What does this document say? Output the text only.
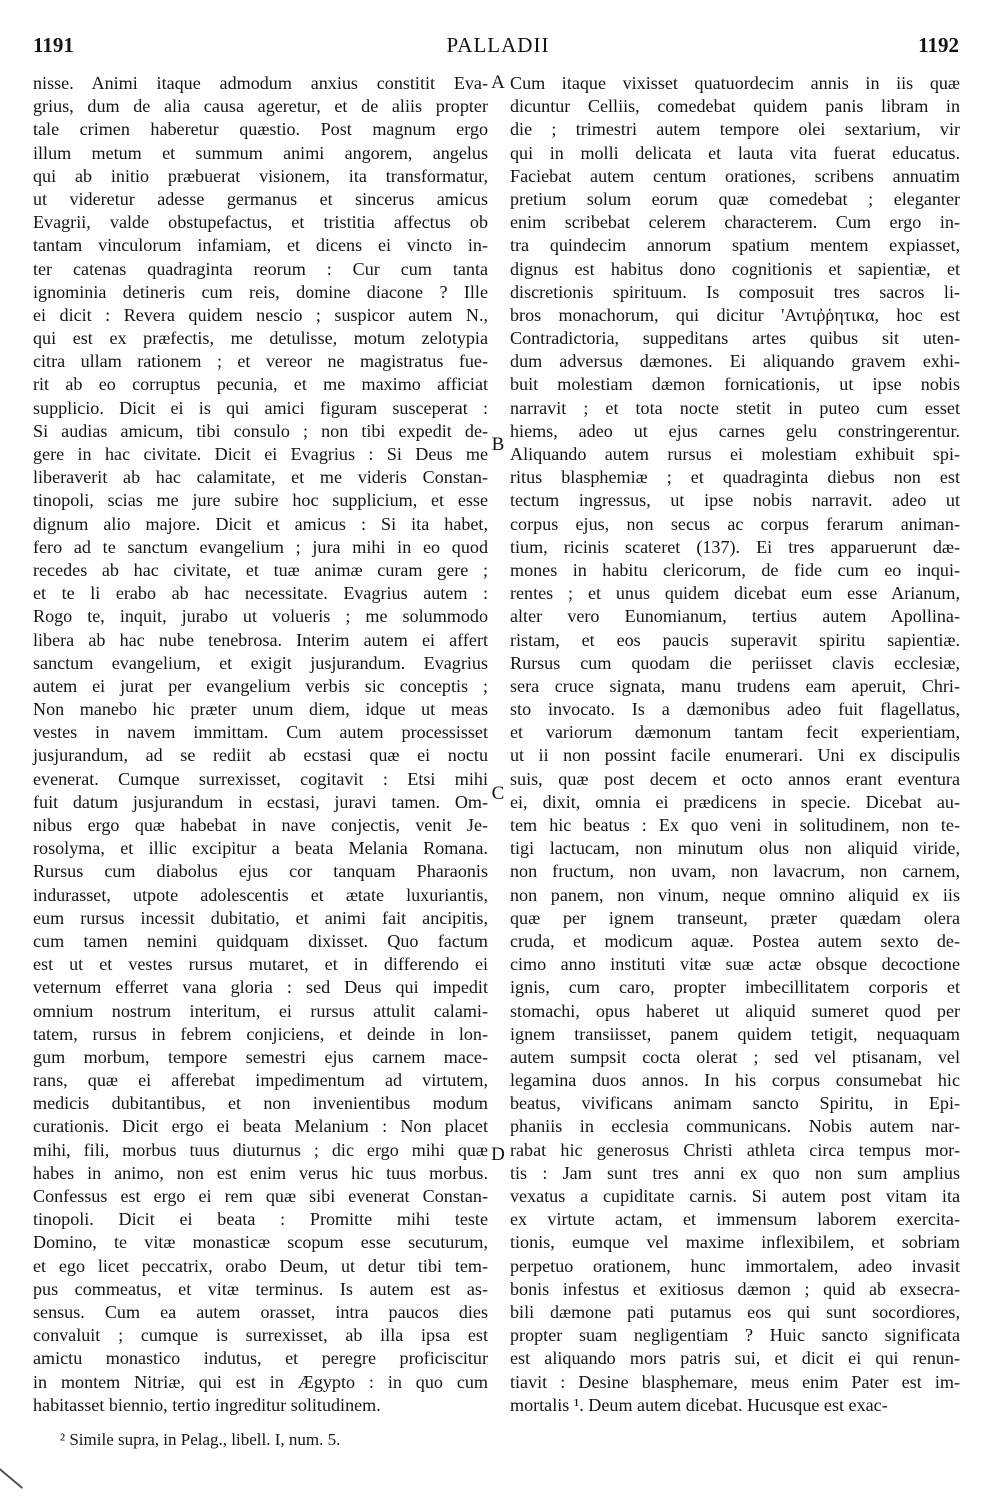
1191	PALLADII	1192
A
B
C
D
nisse. Animi itaque admodum anxius constitit Eva-
grius, dum de alia causa ageretur, et de aliis propter
tale crimen haberetur quæstio. Post magnum ergo
illum metum et summum animi angorem, angelus
qui ab initio præbuerat visionem, ita transformatur,
ut videretur adesse germanus et sincerus amicus
Evagrii, valde obstupefactus, et tristitia affectus ob
tantam vinculorum infamiam, et dicens ei vincto in-
ter catenas quadraginta reorum : Cur cum tanta
ignominia detineris cum reis, domine diacone ? Ille
ei dicit : Revera quidem nescio ; suspicor autem N.,
qui est ex præfectis, me detulisse, motum zelotypia
citra ullam rationem ; et vereor ne magistratus fue-
rit ab eo corruptus pecunia, et me maximo afficiat
supplicio. Dicit ei is qui amici figuram susceperat :
Si audias amicum, tibi consulo ; non tibi expedit de-
gere in hac civitate. Dicit ei Evagrius : Si Deus me
liberaverit ab hac calamitate, et me videris Constan-
tinopoli, scias me jure subire hoc supplicium, et esse
dignum alio majore. Dicit et amicus : Si ita habet,
fero ad te sanctum evangelium ; jura mihi in eo quod
recedes ab hac civitate, et tuæ animæ curam gere ;
et te li erabo ab hac necessitate. Evagrius autem :
Rogo te, inquit, jurabo ut volueris ; me solummodo
libera ab hac nube tenebrosa. Interim autem ei affert
sanctum evangelium, et exigit jusjurandum. Evagrius
autem ei jurat per evangelium verbis sic conceptis ;
Non manebo hic præter unum diem, idque ut meas
vestes in navem immittam. Cum autem processisset
jusjurandum, ad se rediit ab ecstasi quæ ei noctu
evenerat. Cumque surrexisset, cogitavit : Etsi mihi
fuit datum jusjurandum in ecstasi, juravi tamen. Om-
nibus ergo quæ habebat in nave conjectis, venit Je-
rosolyma, et illic excipitur a beata Melania Romana.
Rursus cum diabolus ejus cor tanquam Pharaonis
indurasset, utpote adolescentis et ætate luxuriantis,
eum rursus incessit dubitatio, et animi fait ancipitis,
cum tamen nemini quidquam dixisset. Quo factum
est ut et vestes rursus mutaret, et in differendo ei
veternum efferret vana gloria : sed Deus qui impedit
omnium nostrum interitum, ei rursus attulit calami-
tatem, rursus in febrem conjiciens, et deinde in lon-
gum morbum, tempore semestri ejus carnem mace-
rans, quæ ei afferebat impedimentum ad virtutem,
medicis dubitantibus, et non invenientibus modum
curationis. Dicit ergo ei beata Melanium : Non placet
mihi, fili, morbus tuus diuturnus ; dic ergo mihi quæ
habes in animo, non est enim verus hic tuus morbus.
Confessus est ergo ei rem quæ sibi evenerat Constan-
tinopoli. Dicit ei beata : Promitte mihi teste
Domino, te vitæ monasticæ scopum esse secuturum,
et ego licet peccatrix, orabo Deum, ut detur tibi tem-
pus commeatus, et vitæ terminus. Is autem est as-
sensus. Cum ea autem orasset, intra paucos dies
convaluit ; cumque is surrexisset, ab illa ipsa est
amictu monastico indutus, et peregre proficiscitur
in montem Nitriæ, qui est in Ægypto : in quo cum
habitasset biennio, tertio ingreditur solitudinem.
Cum itaque vixisset quatuordecim annis in iis quæ
dicuntur Celliis, comedebat quidem panis libram in
die ; trimestri autem tempore olei sextarium, vir
qui in molli delicata et lauta vita fuerat educatus.
Faciebat autem centum orationes, scribens annuatim
pretium solum eorum quæ comedebat ; eleganter
enim scribebat celerem characterem. Cum ergo in-
tra quindecim annorum spatium mentem expiasset,
dignus est habitus dono cognitionis et sapientiæ, et
discretionis spirituum. Is composuit tres sacros li-
bros monachorum, qui dicitur 'Αντιῤῥητικα, hoc est
Contradictoria, suppeditans artes quibus sit uten-
dum adversus dæmones. Ei aliquando gravem exhi-
buit molestiam dæmon fornicationis, ut ipse nobis
narravit ; et tota nocte stetit in puteo cum esset
hiems, adeo ut ejus carnes gelu constringerentur.
Aliquando autem rursus ei molestiam exhibuit spi-
ritus blasphemiæ ; et quadraginta diebus non est
tectum ingressus, ut ipse nobis narravit. adeo ut
corpus ejus, non secus ac corpus ferarum animan-
tium, ricinis scateret (137). Ei tres apparuerunt dæ-
mones in habitu clericorum, de fide cum eo inqui-
rentes ; et unus quidem dicebat eum esse Arianum,
alter vero Eunomianum, tertius autem Apollina-
ristam, et eos paucis superavit spiritu sapientiæ.
Rursus cum quodam die periisset clavis ecclesiæ,
sera cruce signata, manu trudens eam aperuit, Chri-
sto invocato. Is a dæmonibus adeo fuit flagellatus,
et variorum dæmonum tantam fecit experientiam,
ut ii non possint facile enumerari. Uni ex discipulis
suis, quæ post decem et octo annos erant eventura
ei, dixit, omnia ei prædicens in specie. Dicebat au-
tem hic beatus : Ex quo veni in solitudinem, non te-
tigi lactucam, non minutum olus non aliquid viride,
non fructum, non uvam, non lavacrum, non carnem,
non panem, non vinum, neque omnino aliquid ex iis
quæ per ignem transeunt, præter quædam olera
cruda, et modicum aquæ. Postea autem sexto de-
cimo anno instituti vitæ suæ actæ obsque decoctione
ignis, cum caro, propter imbecillitatem corporis et
stomachi, opus haberet ut aliquid sumeret quod per
ignem transiisset, panem quidem tetigit, nequaquam
autem sumpsit cocta olerat ; sed vel ptisanam, vel
legamina duos annos. In his corpus consumebat hic
beatus, vivificans animam sancto Spiritu, in Epi-
phaniis in ecclesia communicans. Nobis autem nar-
rabat hic generosus Christi athleta circa tempus mor-
tis : Jam sunt tres anni ex quo non sum amplius
vexatus a cupiditate carnis. Si autem post vitam ita
ex virtute actam, et immensum laborem exercita-
tionis, eumque vel maxime inflexibilem, et sobriam
perpetuo orationem, hunc immortalem, adeo invasit
bonis infestus et exitiosus dæmon ; quid ab exsecra-
bili dæmone pati putamus eos qui sunt socordiores,
propter suam negligentiam ? Huic sancto significata
est aliquando mors patris sui, et dicit ei qui renun-
tiavit : Desine blasphemare, meus enim Pater est im-
mortalis ¹. Deum autem dicebat. Hucusque est exac-
² Simile supra, in Pelag., libell. I, num. 5.
